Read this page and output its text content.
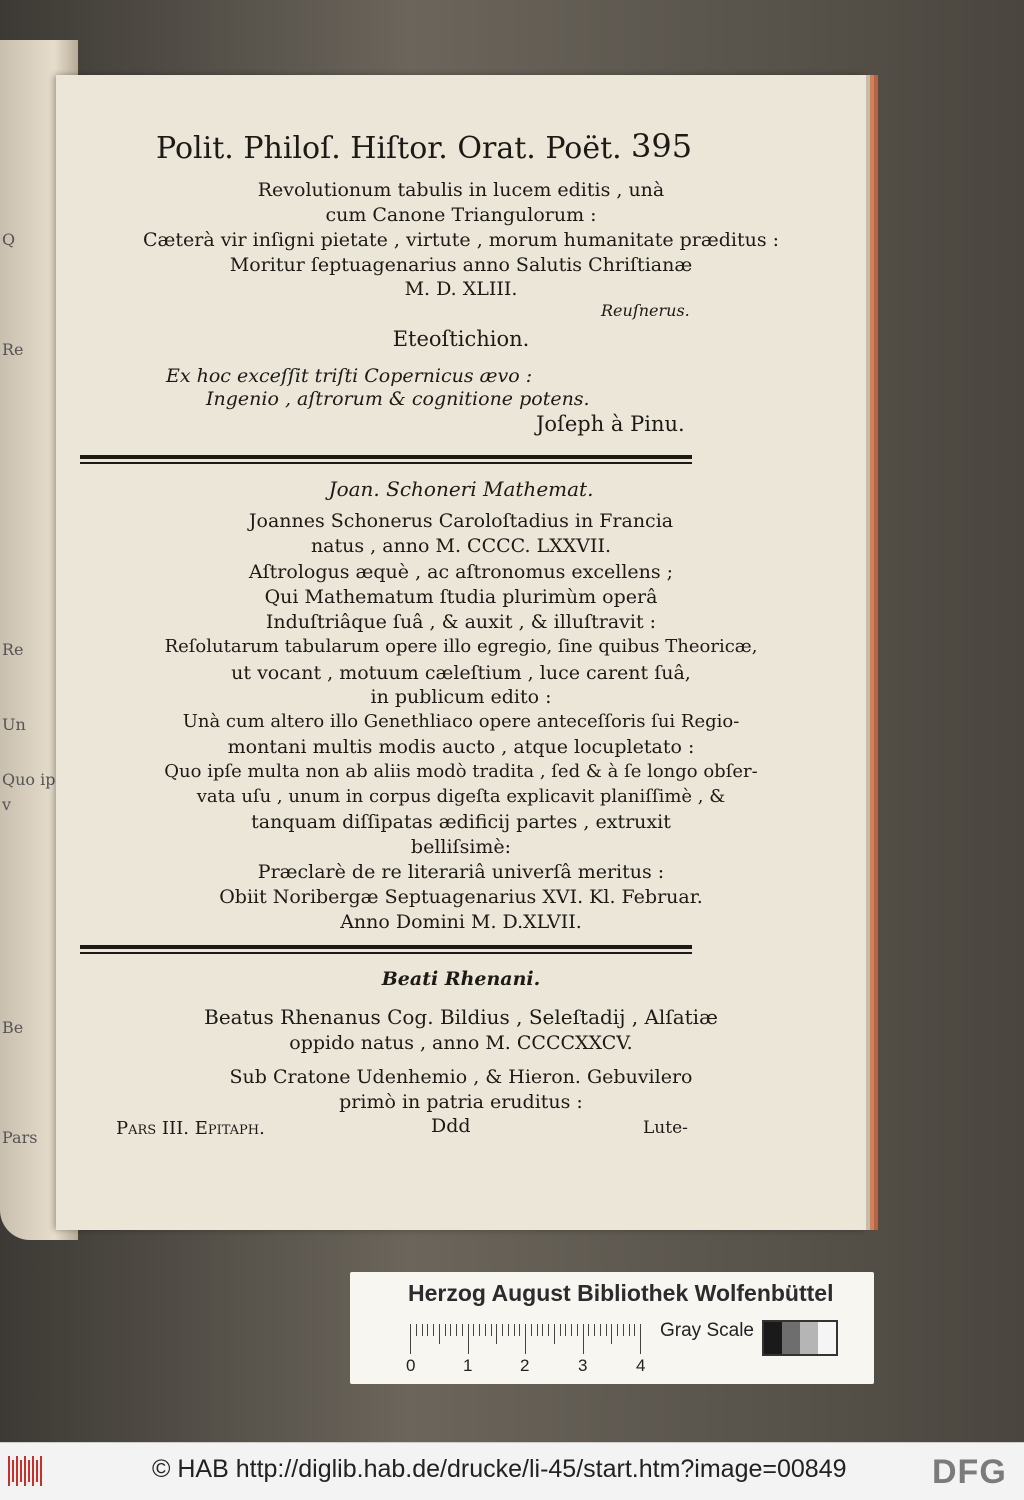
Q
Re
Re
Un
Quo ip
v
Be
Pars
Polit. Philoſ. Hiſtor. Orat. Poët. 395
Revolutionum tabulis in lucem editis , unà
cum Canone Triangulorum :
Cæterà vir inſigni pietate , virtute , morum humanitate præditus :
Moritur ſeptuagenarius anno Salutis Chriſtianæ
M. D. XLIII.
Reuſnerus.
Eteoſtichion.
Ex hoc exceſſit triſti Copernicus ævo :
Ingenio , aſtrorum & cognitione potens.
Joſeph à Pinu.
Joan. Schoneri Mathemat.
Joannes Schonerus Caroloſtadius in Francia
natus , anno M. CCCC. LXXVII.
Aſtrologus æquè , ac aſtronomus excellens ;
Qui Mathematum ſtudia plurimùm operâ
Induſtriâque ſuâ , & auxit , & illuſtravit :
Reſolutarum tabularum opere illo egregio, ſine quibus Theoricæ,
ut vocant , motuum cæleſtium , luce carent ſuâ,
in publicum edito :
Unà cum altero illo Genethliaco opere anteceſſoris ſui Regio-
montani multis modis aucto , atque locupletato :
Quo ipſe multa non ab aliis modò tradita , ſed & à ſe longo obſer-
vata uſu , unum in corpus digeſta explicavit planiſſimè , &
tanquam diſſipatas ædificij partes , extruxit
belliſsimè:
Præclarè de re literariâ univerſâ meritus :
Obiit Noribergæ Septuagenarius XVI. Kl. Februar.
Anno Domini M. D.XLVII.
Beati Rhenani.
Beatus Rhenanus Cog. Bildius , Seleſtadij , Alſatiæ
oppido natus , anno M. CCCCXXCV.
Sub Cratone Udenhemio , & Hieron. Gebuvilero
primò in patria eruditus :
Pars III. Epitaph.	Ddd	Lute-
Herzog August Bibliothek Wolfenbüttel
0	1	2	3	4
Gray Scale
© HAB http://diglib.hab.de/drucke/li-45/start.htm?image=00849	DFG
